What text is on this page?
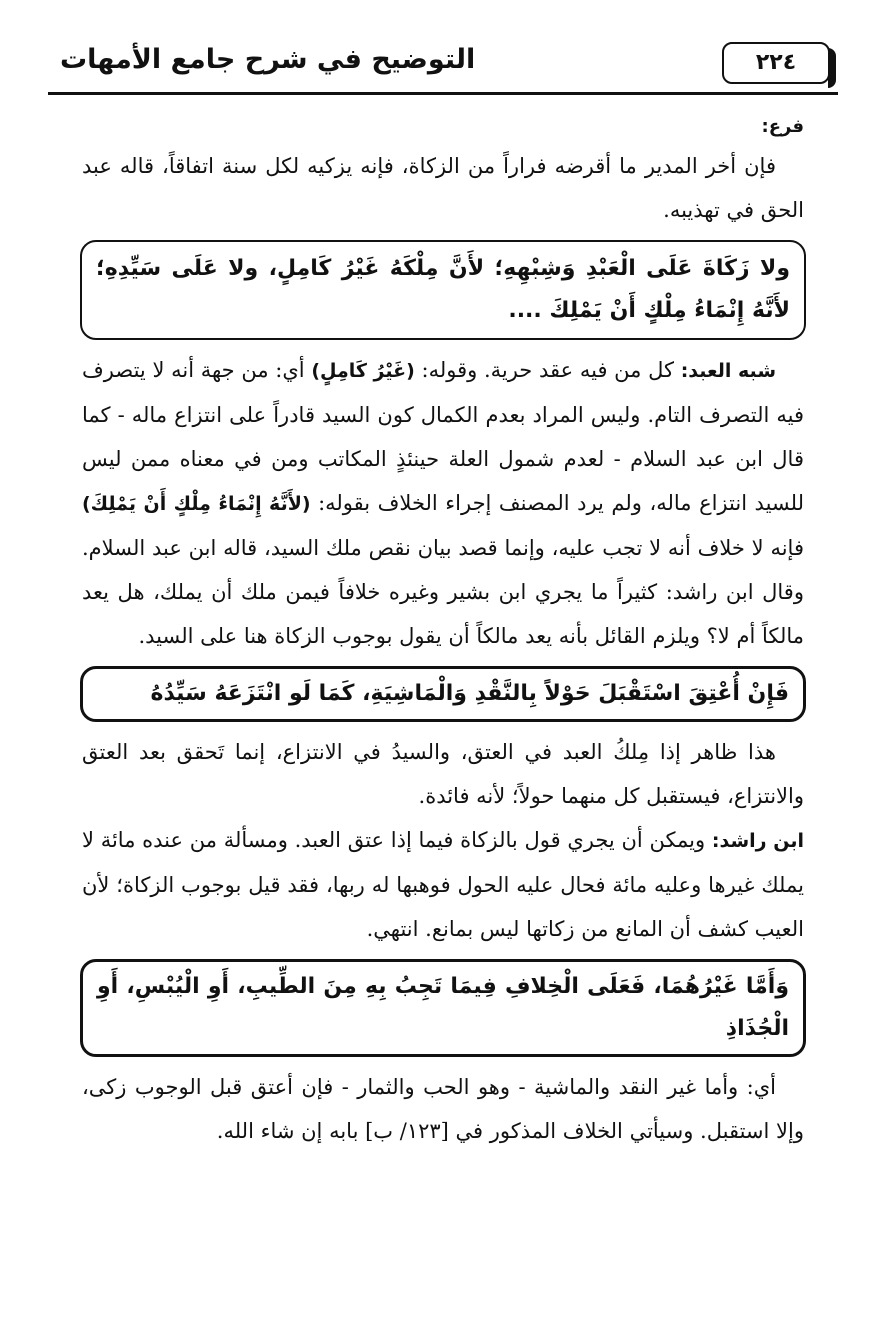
٢٢٤
التوضيح في شرح جامع الأمهات
فرع:

فإن أخر المدير ما أقرضه فراراً من الزكاة، فإنه يزكيه لكل سنة اتفاقاً، قاله عبد الحق في تهذيبه.

ولا زَكَاةَ عَلَى الْعَبْدِ وَشِبْهِهِ؛ لأَنَّ مِلْكَهُ غَيْرُ كَامِلٍ، ولا عَلَى سَيِّدِهِ؛ لأَنَّهُ إِنْمَاءُ مِلْكٍ أَنْ يَمْلِكَ ....

شبه العبد: كل من فيه عقد حرية. وقوله: (غَيْرُ كَامِلٍ) أي: من جهة أنه لا يتصرف فيه التصرف التام. وليس المراد بعدم الكمال كون السيد قادراً على انتزاع ماله - كما قال ابن عبد السلام - لعدم شمول العلة حينئذٍ المكاتب ومن في معناه ممن ليس للسيد انتزاع ماله، ولم يرد المصنف إجراء الخلاف بقوله: (لأَنَّهُ إِنْمَاءُ مِلْكٍ أَنْ يَمْلِكَ) فإنه لا خلاف أنه لا تجب عليه، وإنما قصد بيان نقص ملك السيد، قاله ابن عبد السلام. وقال ابن راشد: كثيراً ما يجري ابن بشير وغيره خلافاً فيمن ملك أن يملك، هل يعد مالكاً أم لا؟ ويلزم القائل بأنه يعد مالكاً أن يقول بوجوب الزكاة هنا على السيد.

فَإِنْ أُعْتِقَ اسْتَقْبَلَ حَوْلاً بِالنَّقْدِ وَالْمَاشِيَةِ، كَمَا لَو انْتَزَعَهُ سَيِّدُهُ

هذا ظاهر إذا مِلكُ العبد في العتق، والسيدُ في الانتزاع، إنما تَحقق بعد العتق والانتزاع، فيستقبل كل منهما حولاً؛ لأنه فائدة.

ابن راشد: ويمكن أن يجري قول بالزكاة فيما إذا عتق العبد. ومسألة من عنده مائة لا يملك غيرها وعليه مائة فحال عليه الحول فوهبها له ربها، فقد قيل بوجوب الزكاة؛ لأن العيب كشف أن المانع من زكاتها ليس بمانع. انتهي.

وَأَمَّا غَيْرُهُمَا، فَعَلَى الْخِلافِ فِيمَا تَجِبُ بِهِ مِنَ الطِّيبِ، أَوِ الْيُبْسِ، أَوِ الْجُذَاذِ

أي: وأما غير النقد والماشية - وهو الحب والثمار - فإن أعتق قبل الوجوب زكى، وإلا استقبل. وسيأتي الخلاف المذكور في [١٢٣/ ب] بابه إن شاء الله.
